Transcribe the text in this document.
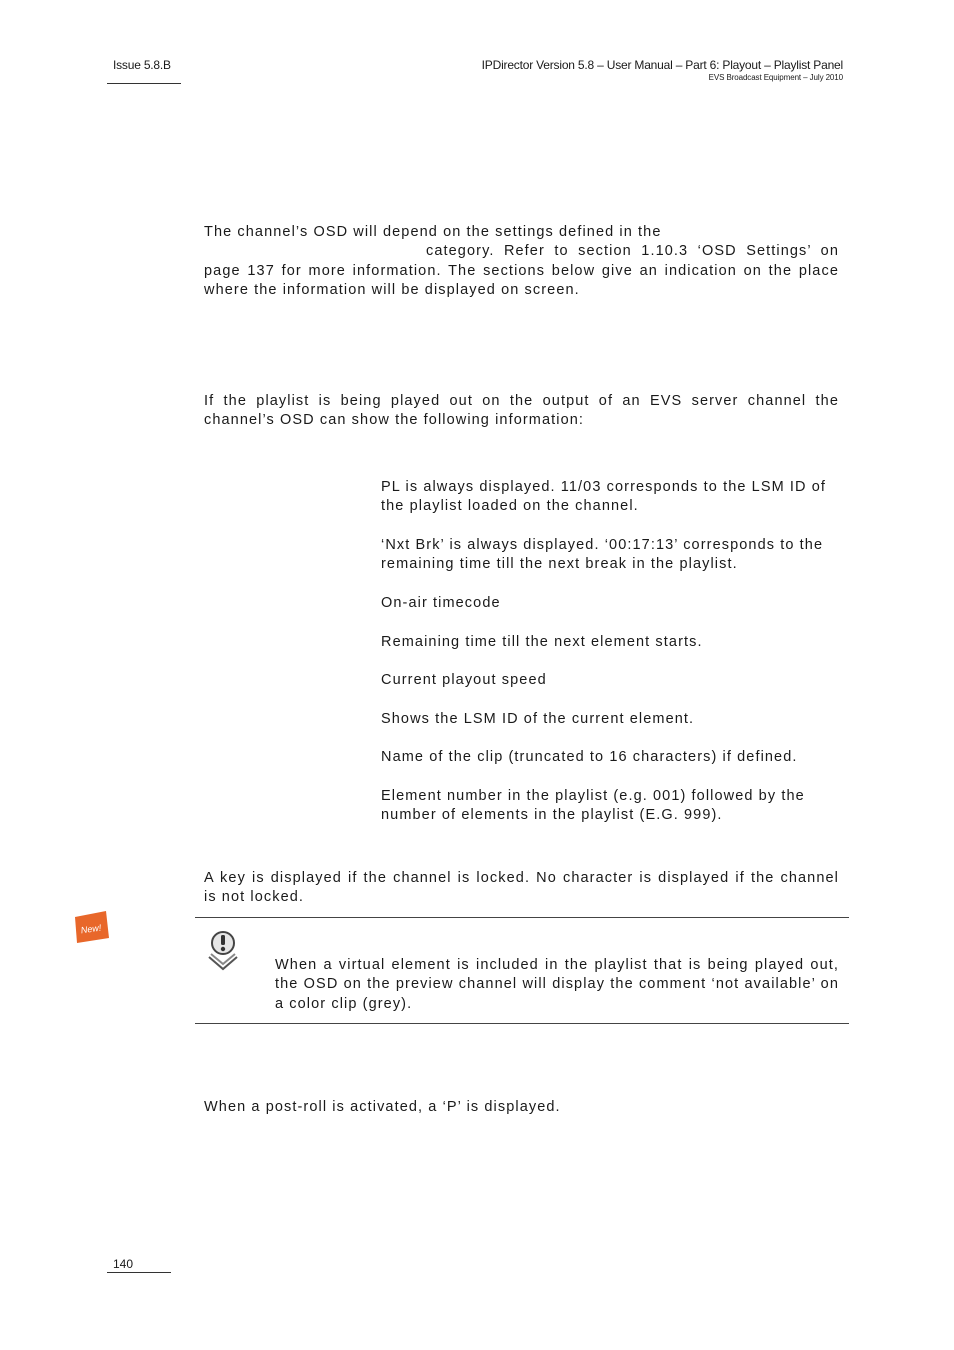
Issue 5.8.B	IPDirector Version 5.8 – User Manual – Part 6: Playout – Playlist Panel
EVS Broadcast Equipment – July 2010
The channel’s OSD will depend on the settings defined in the
category. Refer to section 1.10.3 ‘OSD Settings’ on page 137 for more information. The sections below give an indication on the place where the information will be displayed on screen.
If the playlist is being played out on the output of an EVS server channel the channel’s OSD can show the following information:
PL is always displayed. 11/03 corresponds to the LSM ID of the playlist loaded on the channel.
‘Nxt Brk’ is always displayed. ‘00:17:13’ corresponds to the remaining time till the next break in the playlist.
On-air timecode
Remaining time till the next element starts.
Current playout speed
Shows the LSM ID of the current element.
Name of the clip (truncated to 16 characters) if defined.
Element number in the playlist (e.g. 001) followed by the number of elements in the playlist (E.G. 999).
A key is displayed if the channel is locked. No character is displayed if the channel is not locked.
New!
When a virtual element is included in the playlist that is being played out, the OSD on the preview channel will display the comment ‘not available’ on a color clip (grey).
When a post-roll is activated, a ‘P’ is displayed.
140
